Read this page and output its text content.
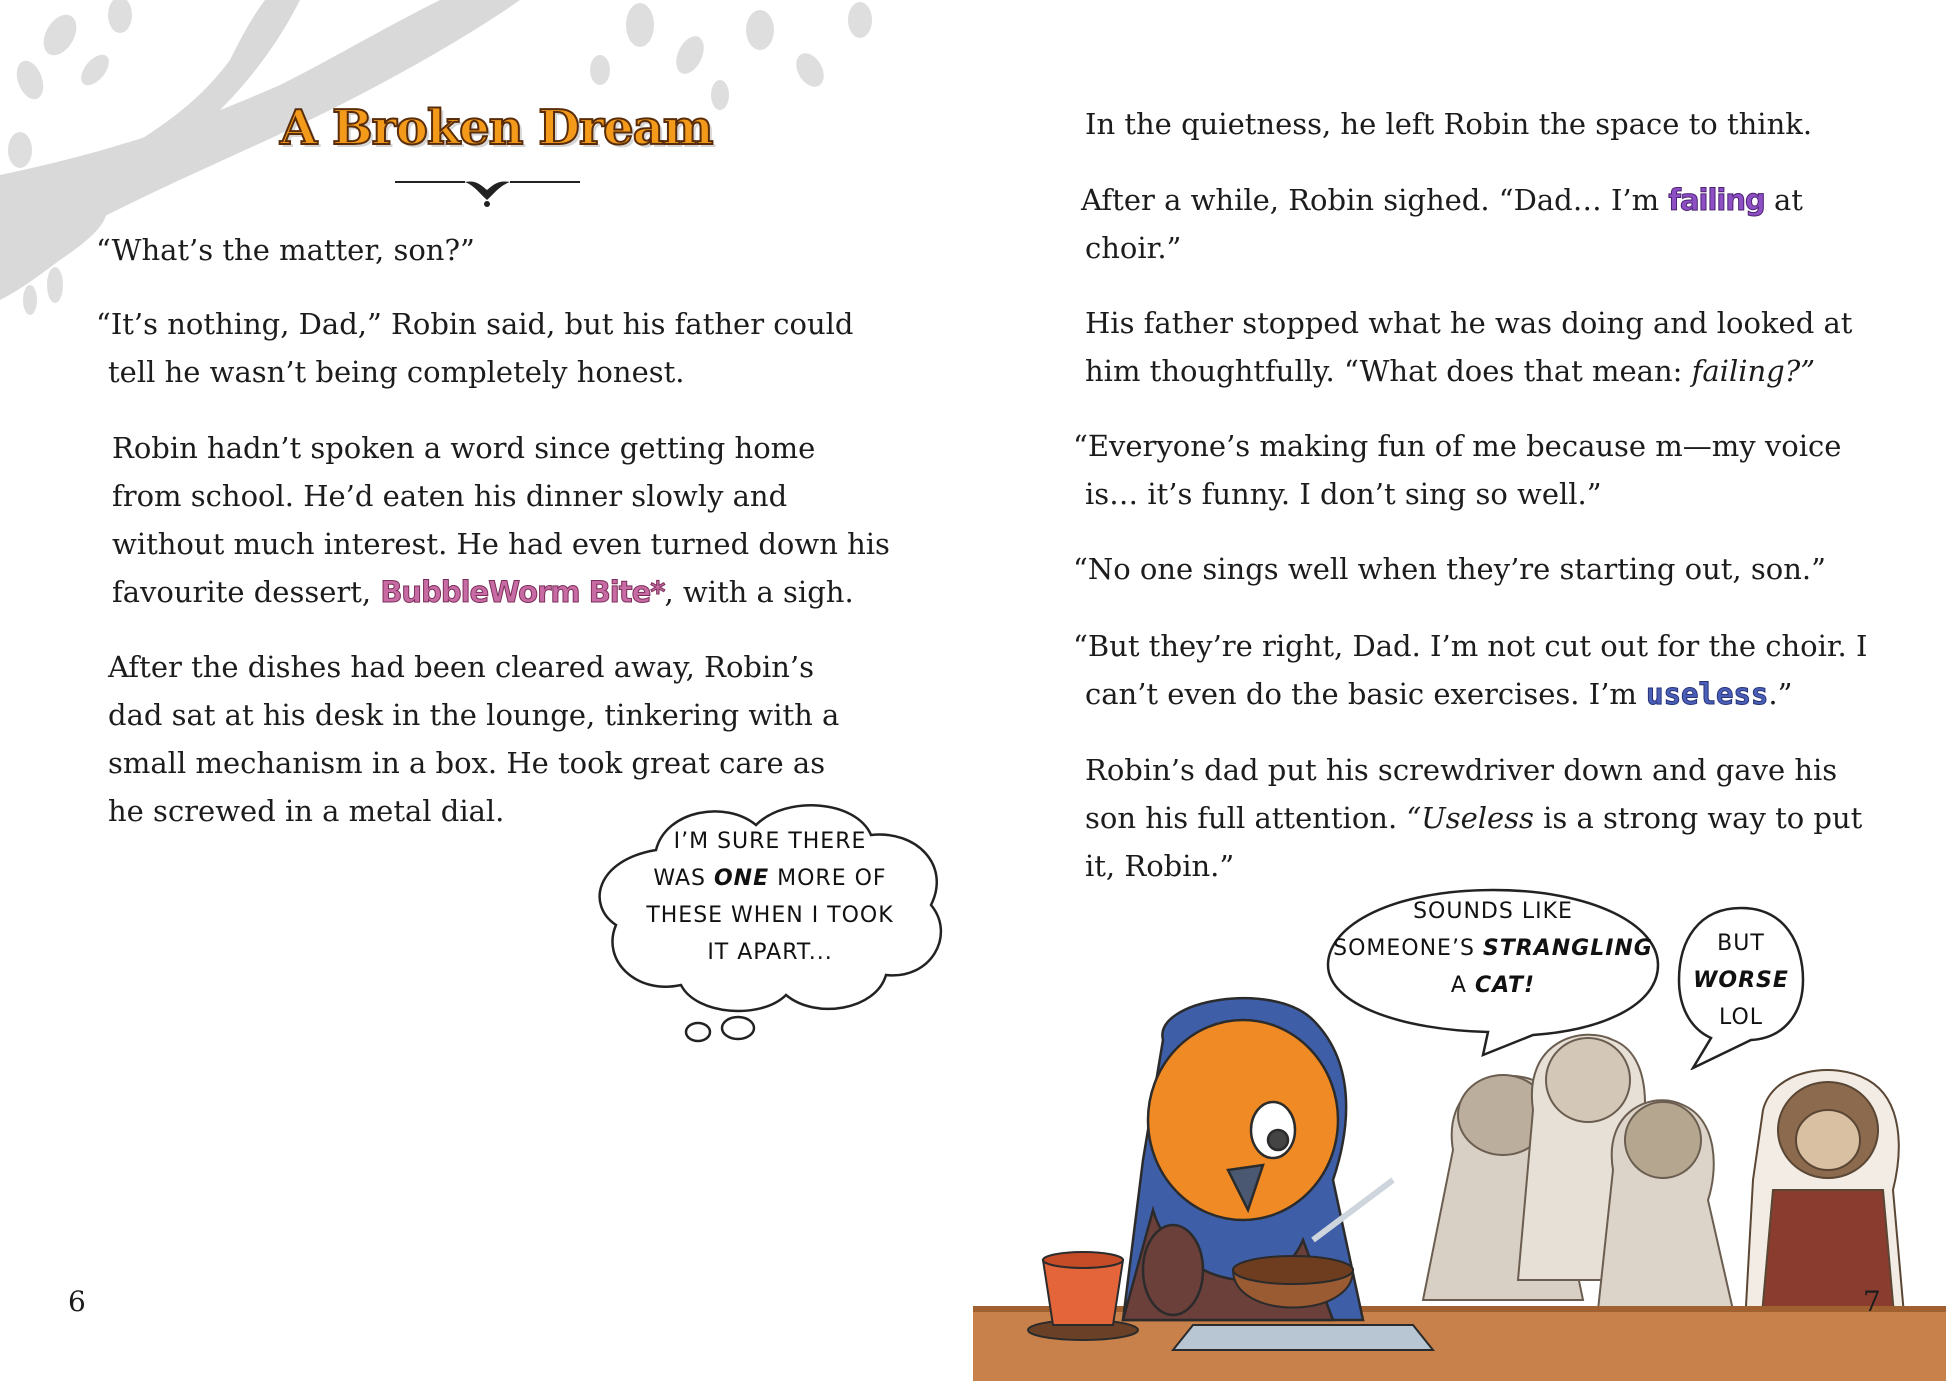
A Broken Dream

“What’s the matter, son?”

“It’s nothing, Dad,” Robin said, but his father could tell he wasn’t being completely honest.

Robin hadn’t spoken a word since getting home from school. He’d eaten his dinner slowly and without much interest. He had even turned down his favourite dessert, BubbleWorm Bite*, with a sigh.

After the dishes had been cleared away, Robin’s dad sat at his desk in the lounge, tinkering with a small mechanism in a box. He took great care as he screwed in a metal dial.

I’M SURE THERE
WAS ONE MORE OF
THESE WHEN I TOOK
IT APART...
6

In the quietness, he left Robin the space to think.

After a while, Robin sighed. “Dad… I’m failing at
choir.”

His father stopped what he was doing and looked at
him thoughtfully. “What does that mean: failing?”

“Everyone’s making fun of me because m—my voice
is… it’s funny. I don’t sing so well.”

“No one sings well when they’re starting out, son.”

“But they’re right, Dad. I’m not cut out for the choir. I
can’t even do the basic exercises. I’m useless.”

Robin’s dad put his screwdriver down and gave his
son his full attention. “Useless is a strong way to put
it, Robin.”

SOUNDS LIKE
SOMEONE’S STRANGLING
A CAT!
BUT
WORSE
LOL
7
